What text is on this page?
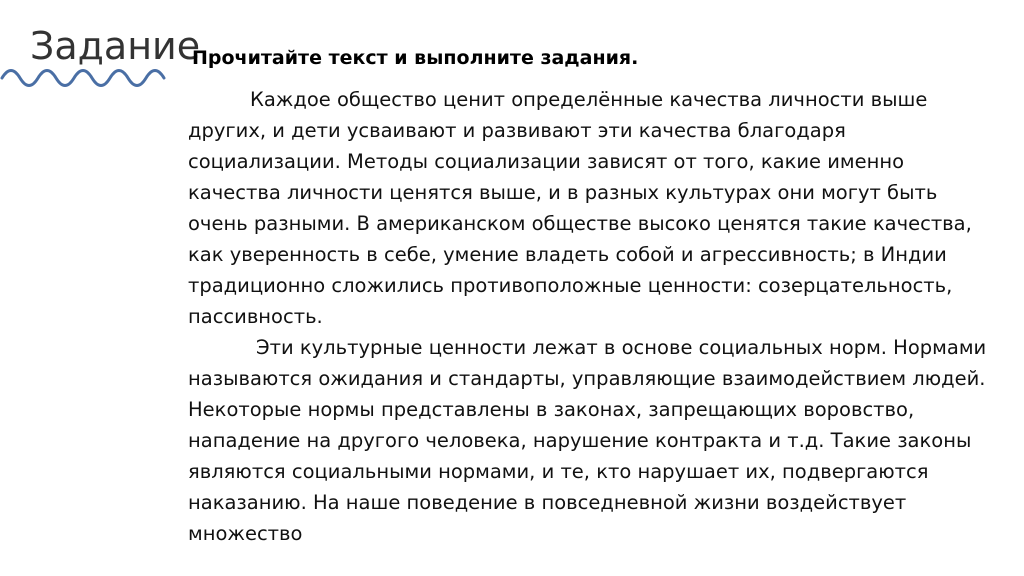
Задание
Прочитайте текст и выполните задания.

Каждое общество ценит определённые качества личности выше других, и дети усваивают и развивают эти качества благодаря социализации. Методы социализации зависят от того, какие именно качества личности ценятся выше, и в разных культурах они могут быть очень разными. В американском обществе высоко ценятся такие качества, как уверенность в себе, умение владеть собой и агрессивность; в Индии традиционно сложились противоположные ценности: созерцательность, пассивность.

Эти культурные ценности лежат в основе социальных норм. Нормами называются ожидания и стандарты, управляющие взаимодействием людей. Некоторые нормы представлены в законах, запрещающих воровство, нападение на другого человека, нарушение контракта и т.д. Такие законы являются социальными нормами, и те, кто нарушает их, подвергаются наказанию. На наше поведение в повседневной жизни воздействует множество
